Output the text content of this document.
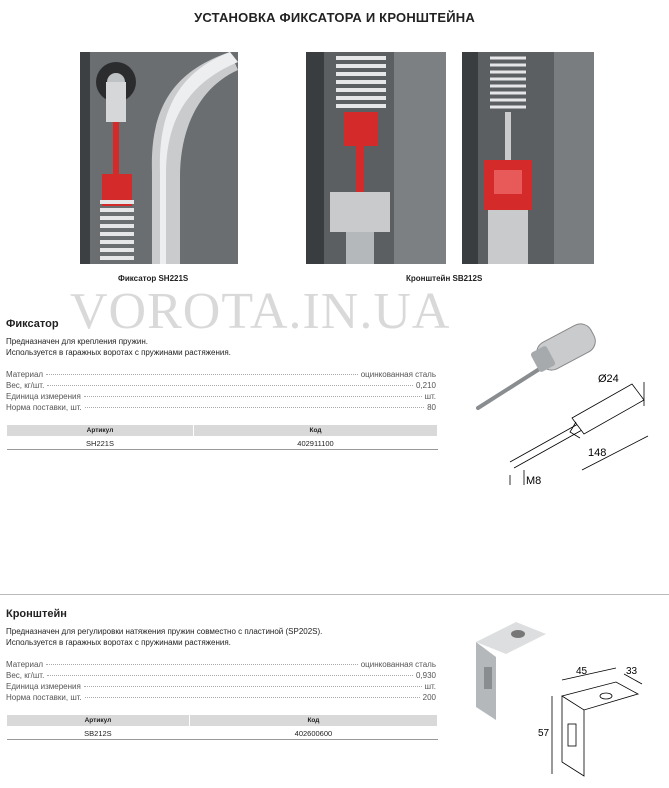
УСТАНОВКА ФИКСАТОРА И КРОНШТЕЙНА
Фиксатор SH221S	Кронштейн SB212S
VOROTA.IN.UA
Фиксатор
Предназначен для крепления пружин.
Используется в гаражных воротах с пружинами растяжения.
Материал	оцинкованная сталь
Вес, кг/шт.	0,210
Единица измерения	шт.
Норма поставки, шт.	80
Артикул	Код
SH221S	402911100
Ø24
148
M8
Кронштейн
Предназначен для регулировки натяжения пружин совместно с пластиной (SP202S).
Используется в гаражных воротах с пружинами растяжения.
Материал	оцинкованная сталь
Вес, кг/шт.	0,930
Единица измерения	шт.
Норма поставки, шт.	200
Артикул	Код
SB212S	402600600
45	33
57
